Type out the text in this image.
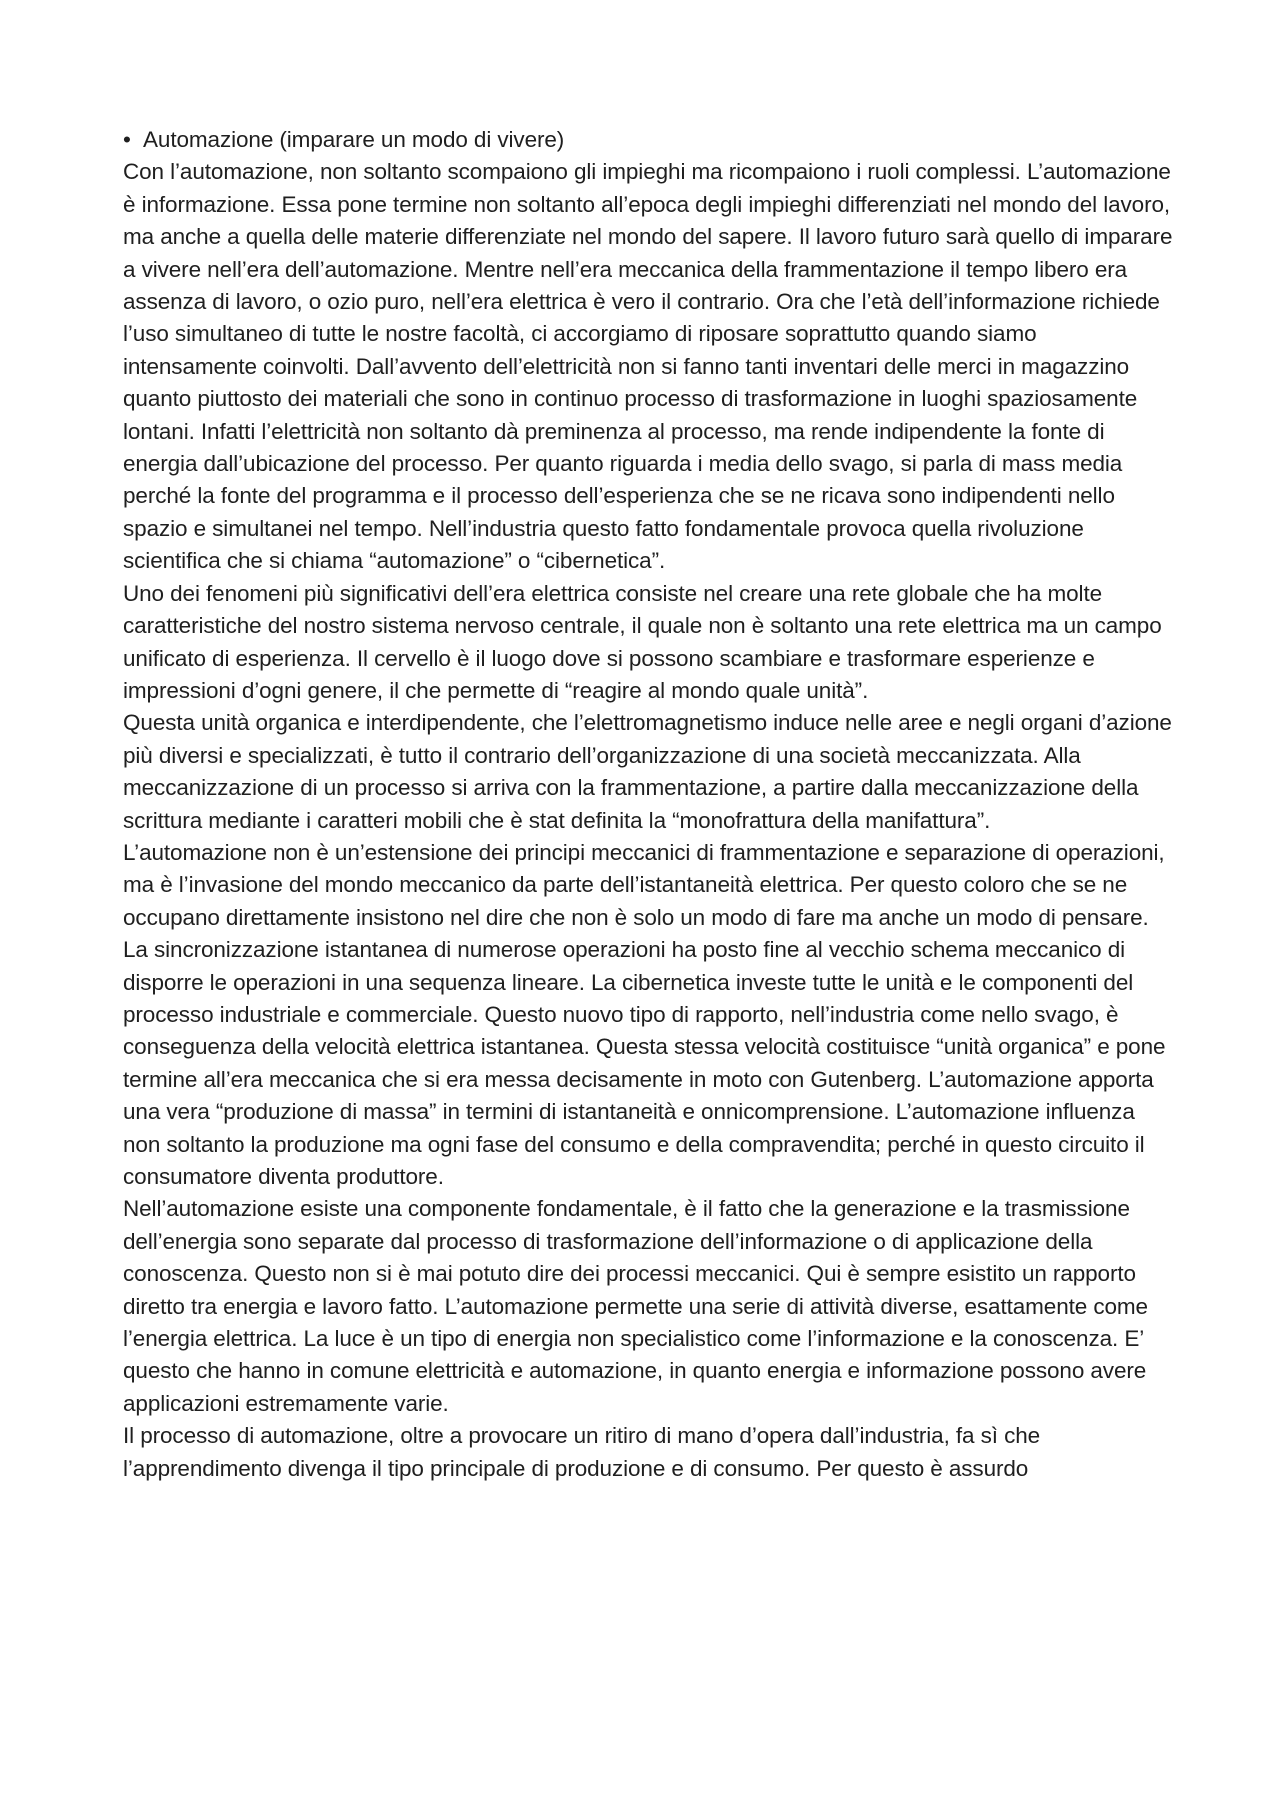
• Automazione (imparare un modo di vivere)

Con l’automazione, non soltanto scompaiono gli impieghi ma ricompaiono i ruoli complessi. L’automazione è informazione. Essa pone termine non soltanto all’epoca degli impieghi differenziati nel mondo del lavoro, ma anche a quella delle materie differenziate nel mondo del sapere. Il lavoro futuro sarà quello di imparare a vivere nell’era dell’automazione. Mentre nell’era meccanica della frammentazione il tempo libero era assenza di lavoro, o ozio puro, nell’era elettrica è vero il contrario. Ora che l’età dell’informazione richiede l’uso simultaneo di tutte le nostre facoltà, ci accorgiamo di riposare soprattutto quando siamo intensamente coinvolti. Dall’avvento dell’elettricità non si fanno tanti inventari delle merci in magazzino quanto piuttosto dei materiali che sono in continuo processo di trasformazione in luoghi spaziosamente lontani. Infatti l’elettricità non soltanto dà preminenza al processo, ma rende indipendente la fonte di energia dall’ubicazione del processo. Per quanto riguarda i media dello svago, si parla di mass media perché la fonte del programma e il processo dell’esperienza che se ne ricava sono indipendenti nello spazio e simultanei nel tempo. Nell’industria questo fatto fondamentale provoca quella rivoluzione scientifica che si chiama “automazione” o “cibernetica”.

Uno dei fenomeni più significativi dell’era elettrica consiste nel creare una rete globale che ha molte caratteristiche del nostro sistema nervoso centrale, il quale non è soltanto una rete elettrica ma un campo unificato di esperienza. Il cervello è il luogo dove si possono scambiare e trasformare esperienze e impressioni d’ogni genere, il che permette di “reagire al mondo quale unità”.

Questa unità organica e interdipendente, che l’elettromagnetismo induce nelle aree e negli organi d’azione più diversi e specializzati, è tutto il contrario dell’organizzazione di una società meccanizzata. Alla meccanizzazione di un processo si arriva con la frammentazione, a partire dalla meccanizzazione della scrittura mediante i caratteri mobili che è stat definita la “monofrattura della manifattura”.

L’automazione non è un’estensione dei principi meccanici di frammentazione e separazione di operazioni, ma è l’invasione del mondo meccanico da parte dell’istantaneità elettrica. Per questo coloro che se ne occupano direttamente insistono nel dire che non è solo un modo di fare ma anche un modo di pensare. La sincronizzazione istantanea di numerose operazioni ha posto fine al vecchio schema meccanico di disporre le operazioni in una sequenza lineare. La cibernetica investe tutte le unità e le componenti del processo industriale e commerciale. Questo nuovo tipo di rapporto, nell’industria come nello svago, è conseguenza della velocità elettrica istantanea. Questa stessa velocità costituisce “unità organica” e pone termine all’era meccanica che si era messa decisamente in moto con Gutenberg. L’automazione apporta una vera “produzione di massa” in termini di istantaneità e onnicomprensione. L’automazione influenza non soltanto la produzione ma ogni fase del consumo e della compravendita; perché in questo circuito il consumatore diventa produttore.

Nell’automazione esiste una componente fondamentale, è il fatto che la generazione e la trasmissione dell’energia sono separate dal processo di trasformazione dell’informazione o di applicazione della conoscenza. Questo non si è mai potuto dire dei processi meccanici. Qui è sempre esistito un rapporto diretto tra energia e lavoro fatto. L’automazione permette una serie di attività diverse, esattamente come l’energia elettrica. La luce è un tipo di energia non specialistico come l’informazione e la conoscenza. E’ questo che hanno in comune elettricità e automazione, in quanto energia e informazione possono avere applicazioni estremamente varie.

Il processo di automazione, oltre a provocare un ritiro di mano d’opera dall’industria, fa sì che l’apprendimento divenga il tipo principale di produzione e di consumo. Per questo è assurdo
